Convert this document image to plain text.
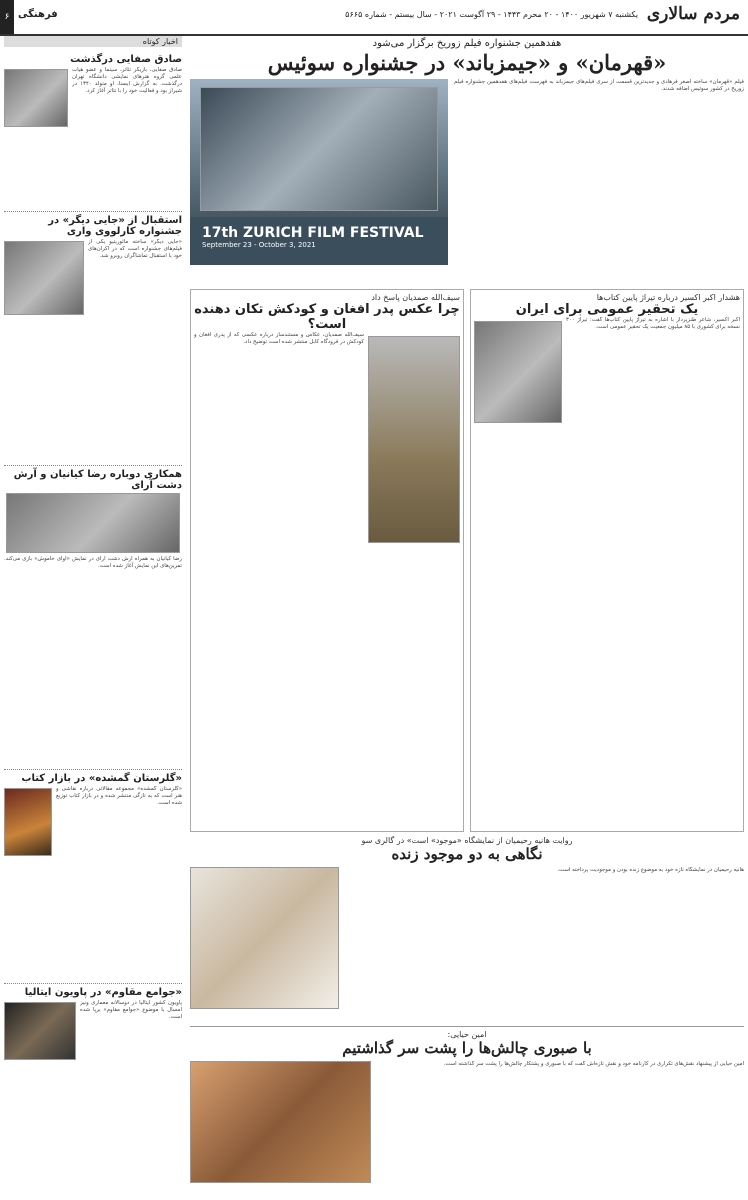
مردم سالاری
یکشنبه ۷ شهریور ۱۴۰۰ - ۲۰ محرم ۱۴۴۳ - ۲۹ آگوست ۲۰۲۱ - سال بیستم - شماره ۵۶۶۵
فرهنگی
۶
اخبار کوتاه
صادق صفایی درگذشت

صادق صفایی، بازیگر تئاتر، سینما و عضو هیات علمی گروه هنرهای نمایشی دانشگاه تهران درگذشت. به گزارش ایسنا، او متولد ۱۳۴۰ در شیراز بود و فعالیت خود را با تئاتر آغاز کرد.

استقبال از «جایی دیگر» در جشنواره کارلووی واری

«جایی دیگر» ساخته مائوریتیو یکی از فیلم‌های جشنواره است که در اکران‌های خود با استقبال تماشاگران روبرو شد.

همکاری دوباره رضا کیانیان و آرش دشت آرای

رضا کیانیان به همراه آرش دشت آرای در نمایش «آوای خاموش» بازی می‌کند. تمرین‌های این نمایش آغاز شده است.

«گلرستان گمشده» در بازار کتاب

«گلرستان گمشده» مجموعه مقالاتی درباره نقاشی و هنر است که به تازگی منتشر شده و در بازار کتاب توزیع شده است.

«جوامع مقاوم» در پاویون ایتالیا

پاویون کشور ایتالیا در دوسالانه معماری ونیز امسال با موضوع «جوامع مقاوم» برپا شده است.

هفدهمین جشنواره فیلم زوریخ برگزار می‌شود
«قهرمان» و «جیمزباند» در جشنواره سوئیس

فیلم «قهرمان» ساخته اصغر فرهادی و جدیدترین قسمت از سری فیلم‌های جیمزباند به فهرست فیلم‌های هفدهمین جشنواره فیلم زوریخ در کشور سوئیس اضافه شدند.

17th ZURICH FILM FESTIVAL
September 23 - October 3, 2021
هشدار اکبر اکسیر درباره تیراژ پایین کتاب‌ها
یک تحقیر عمومی برای ایران

اکبر اکسیر، شاعر طنزپرداز با اشاره به تیراژ پایین کتاب‌ها گفت: تیراژ ۳۰۰ نسخه برای کشوری با ۸۵ میلیون جمعیت یک تحقیر عمومی است.

سیف‌الله صمدیان پاسخ داد
چرا عکس پدر افغان و کودکش تکان دهنده است؟

سیف‌الله صمدیان، عکاس و مستندساز درباره عکسی که از پدری افغان و کودکش در فرودگاه کابل منتشر شده است توضیح داد.

روایت هانیه رحیمیان از نمایشگاه «موجود» است» در گالری سو
نگاهی به دو موجود زنده

هانیه رحیمیان در نمایشگاه تازه خود به موضوع زنده بودن و موجودیت پرداخته است.

امین حیایی:
با صبوری چالش‌ها را پشت سر گذاشتیم

امین حیایی از پیشنهاد نقش‌های تکراری در کارنامه خود و نقش تازه‌اش گفت که با صبوری و پشتکار چالش‌ها را پشت سر گذاشته است.
